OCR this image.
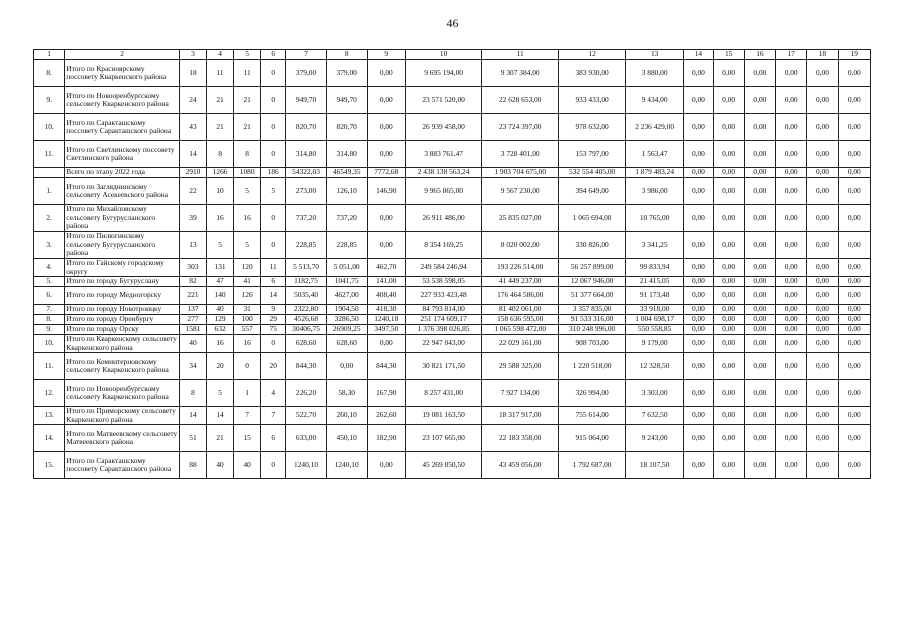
46
1	2	3	4	5	6	7	8	9	10	11	12	13	14	15	16	17	18	19
8.	Итого по Красноярскому поссовету Кваркенского района	18	11	11	0	379,00	379,00	0,00	9 695 194,00	9 307 384,00	383 930,00	3 880,00	0,00	0,00	0,00	0,00	0,00	0,00
9.	Итого по Новооренбургскому сельсовету Кваркенского района	24	21	21	0	949,70	949,70	0,00	23 571 520,00	22 628 653,00	933 433,00	9 434,00	0,00	0,00	0,00	0,00	0,00	0,00
10.	Итого по Саракташскому поссовету Саракташского района	43	21	21	0	820,70	820,70	0,00	26 939 458,00	23 724 397,00	978 632,00	2 236 429,00	0,00	0,00	0,00	0,00	0,00	0,00
11.	Итого по Светлинскому поссовету Светлинского района	14	8	8	0	314,80	314,80	0,00	3 883 761,47	3 728 401,00	153 797,00	1 563,47	0,00	0,00	0,00	0,00	0,00	0,00
	Всего по этапу 2022 года	2910	1266	1080	186	54322,03	46549,35	7772,68	2 438 138 563,24	1 903 704 675,00	532 554 405,00	1 879 483,24	0,00	0,00	0,00	0,00	0,00	0,00
1.	Итого по Загляднинскому сельсовету Асекеевского района	22	10	5	5	273,00	126,10	146,90	9 965 865,00	9 567 230,00	394 649,00	3 986,00	0,00	0,00	0,00	0,00	0,00	0,00
2.	Итого по Михайловскому сельсовету Бугурусланского района	39	16	16	0	737,20	737,20	0,00	26 911 486,00	25 835 027,00	1 065 694,00	10 765,00	0,00	0,00	0,00	0,00	0,00	0,00
3.	Итого по Пилюгинскому сельсовету Бугурусланского района	13	5	5	0	228,85	228,85	0,00	8 354 169,25	8 020 002,00	330 826,00	3 341,25	0,00	0,00	0,00	0,00	0,00	0,00
4.	Итого по Гайскому городскому округу	303	131	120	11	5 513,70	5 051,00	462,70	249 584 246,94	193 226 514,00	56 257 899,00	99 833,94	0,00	0,00	0,00	0,00	0,00	0,00
5.	Итого по городу Бугуруслану	82	47	41	6	1182,75	1041,75	141,00	53 538 598,05	41 449 237,00	12 067 946,00	21 415,05	0,00	0,00	0,00	0,00	0,00	0,00
6.	Итого по городу Медногорску	221	140	126	14	5035,40	4627,00	408,40	227 933 423,48	176 464 586,00	51 377 664,00	91 173,48	0,00	0,00	0,00	0,00	0,00	0,00
7.	Итого по городу Новотроицку	137	40	31	9	2322,80	1904,50	418,30	84 793 814,00	81 402 061,00	3 357 835,00	33 918,00	0,00	0,00	0,00	0,00	0,00	0,00
8.	Итого по городу Оренбургу	277	129	100	29	4526,68	3286,50	1240,18	251 174 609,17	158 636 595,00	91 533 316,00	1 004 698,17	0,00	0,00	0,00	0,00	0,00	0,00
9.	Итого по городу Орску	1581	632	557	75	30406,75	26909,25	3497,50	1 376 398 026,85	1 065 598 472,00	310 248 996,00	550 558,85	0,00	0,00	0,00	0,00	0,00	0,00
10.	Итого по Кваркенскому сельсовету Кваркенского района	40	16	16	0	628,60	628,60	0,00	22 947 043,00	22 029 161,00	908 703,00	9 179,00	0,00	0,00	0,00	0,00	0,00	0,00
11.	Итого по Коминтерновскому сельсовету Кваркенского района	34	20	0	20	844,30	0,00	844,30	30 821 171,50	29 588 325,00	1 220 518,00	12 328,50	0,00	0,00	0,00	0,00	0,00	0,00
12.	Итого по Новооренбургскому сельсовету Кваркенского района	8	5	1	4	226,20	58,30	167,90	8 257 431,00	7 927 134,00	326 994,00	3 303,00	0,00	0,00	0,00	0,00	0,00	0,00
13.	Итого по Приморскому сельсовету Кваркенского района	14	14	7	7	522,70	260,10	262,60	19 081 163,50	18 317 917,00	755 614,00	7 632,50	0,00	0,00	0,00	0,00	0,00	0,00
14.	Итого по Матвеевскому сельсовету Матвеевского района	51	21	15	6	633,00	450,10	182,90	23 107 665,00	22 183 358,00	915 064,00	9 243,00	0,00	0,00	0,00	0,00	0,00	0,00
15.	Итого по Саракташскому поссовету Саракташского района	88	40	40	0	1240,10	1240,10	0,00	45 269 850,50	43 459 056,00	1 792 687,00	18 107,50	0,00	0,00	0,00	0,00	0,00	0,00
